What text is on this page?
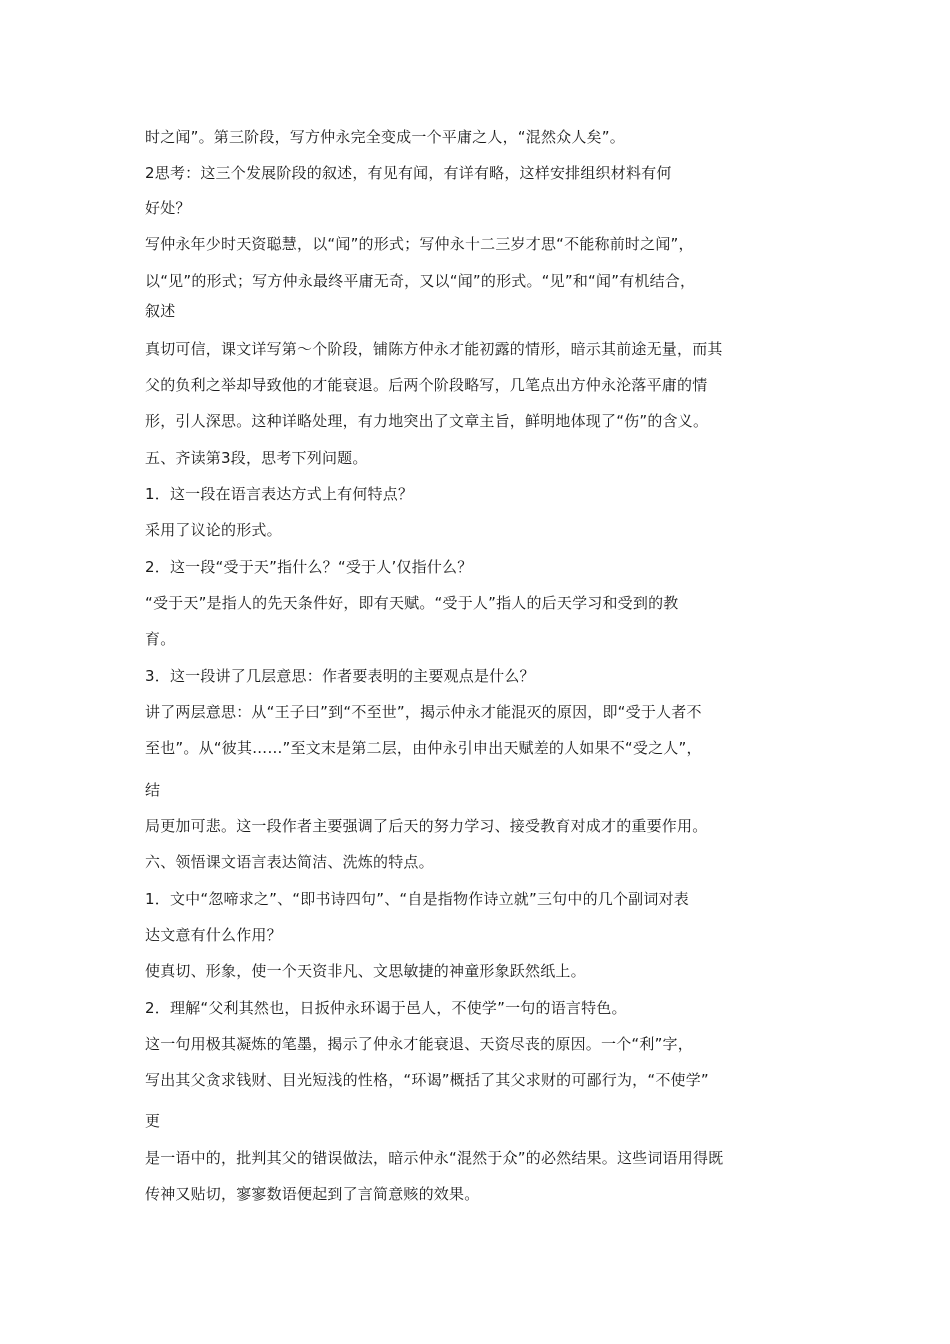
时之闻”。第三阶段，写方仲永完全变成一个平庸之人，“混然众人矣”。
2思考：这三个发展阶段的叙述，有见有闻，有详有略，这样安排组织材料有何
好处？
写仲永年少时天资聪慧，以“闻”的形式；写仲永十二三岁才思“不能称前时之闻”，
以“见”的形式；写方仲永最终平庸无奇，又以“闻”的形式。“见”和“闻”有机结合，
叙述
真切可信，课文详写第～个阶段，铺陈方仲永才能初露的情形，暗示其前途无量，而其
父的负利之举却导致他的才能衰退。后两个阶段略写，几笔点出方仲永沦落平庸的情
形，引人深思。这种详略处理，有力地突出了文章主旨，鲜明地体现了“伤”的含义。
五、齐读第3段，思考下列问题。
1．这一段在语言表达方式上有何特点？
采用了议论的形式。
2．这一段“受于天”指什么？“受于人’仅指什么？
“受于天”是指人的先天条件好，即有天赋。“受于人”指人的后天学习和受到的教
育。
3．这一段讲了几层意思：作者要表明的主要观点是什么？
讲了两层意思：从“王子曰”到“不至世”，揭示仲永才能混灭的原因，即“受于人者不
至也”。从“彼其……”至文末是第二层，由仲永引申出天赋差的人如果不“受之人”，
结
局更加可悲。这一段作者主要强调了后天的努力学习、接受教育对成才的重要作用。
六、领悟课文语言表达简洁、洗炼的特点。
1．文中“忽啼求之”、“即书诗四句”、“自是指物作诗立就”三句中的几个副词对表
达文意有什么作用？
使真切、形象，使一个天资非凡、文思敏捷的神童形象跃然纸上。
2．理解“父利其然也，日扳仲永环谒于邑人，不使学”一句的语言特色。
这一句用极其凝炼的笔墨，揭示了仲永才能衰退、天资尽丧的原因。一个“利”字，
写出其父贪求钱财、目光短浅的性格，“环谒”概括了其父求财的可鄙行为，“不使学”
更
是一语中的，批判其父的错误做法，暗示仲永“混然于众”的必然结果。这些词语用得既
传神又贴切，寥寥数语便起到了言简意赅的效果。
